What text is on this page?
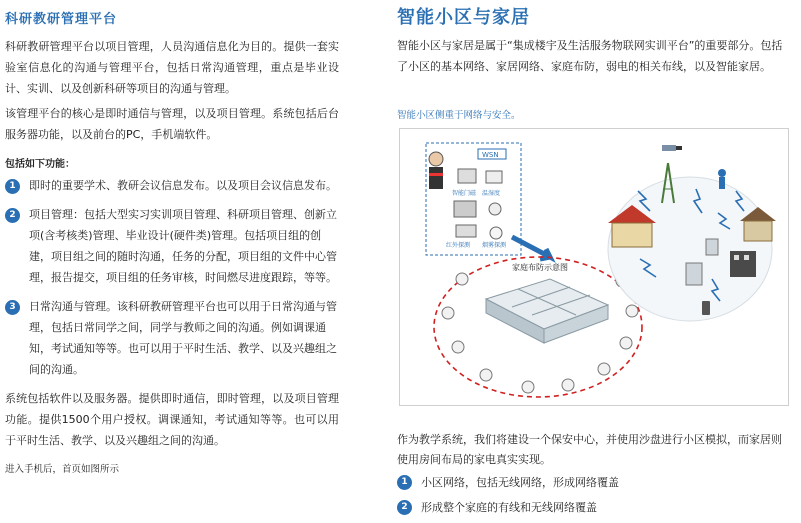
科研教研管理平台

科研教研管理平台以项目管理，人员沟通信息化为目的。提供一套实验室信息化的沟通与管理平台，包括日常沟通管理，重点是毕业设计、实训、以及创新科研等项目的沟通与管理。

该管理平台的核心是即时通信与管理，以及项目管理。系统包括后台服务器功能，以及前台的PC，手机端软件。

包括如下功能：
1	即时的重要学术、教研会议信息发布。以及项目会议信息发布。
2	项目管理：包括大型实习实训项目管理、科研项目管理、创新立项(含考核类)管理、毕业设计(硬件类)管理。包括项目组的创建，项目组之间的随时沟通，任务的分配，项目组的文件中心管理，报告提交，项目组的任务审核，时间燃尽进度跟踪，等等。
3	日常沟通与管理。该科研教研管理平台也可以用于日常沟通与管理，包括日常同学之间，同学与教师之间的沟通。例如调课通知，考试通知等等。也可以用于平时生活、教学、以及兴趣组之间的沟通。

系统包括软件以及服务器。提供即时通信，即时管理，以及项目管理功能。提供1500个用户授权。调课通知，考试通知等等。也可以用于平时生活、教学、以及兴趣组之间的沟通。

进入手机后，首页如图所示
智能小区与家居

智能小区与家居是属于“集成楼宇及生活服务物联网实训平台”的重要部分。包括了小区的基本网络、家居网络、家庭布防，弱电的相关布线，以及智能家居。

智能小区侧重于网络与安全。
WSN
智能门磁 温湿度
红外探测 烟雾探测
家庭布防示意图

作为教学系统，我们将建设一个保安中心，并使用沙盘进行小区模拟，而家居则使用房间布局的家电真实实现。

1	小区网络，包括无线网络，形成网络覆盖
2	形成整个家庭的有线和无线网络覆盖
